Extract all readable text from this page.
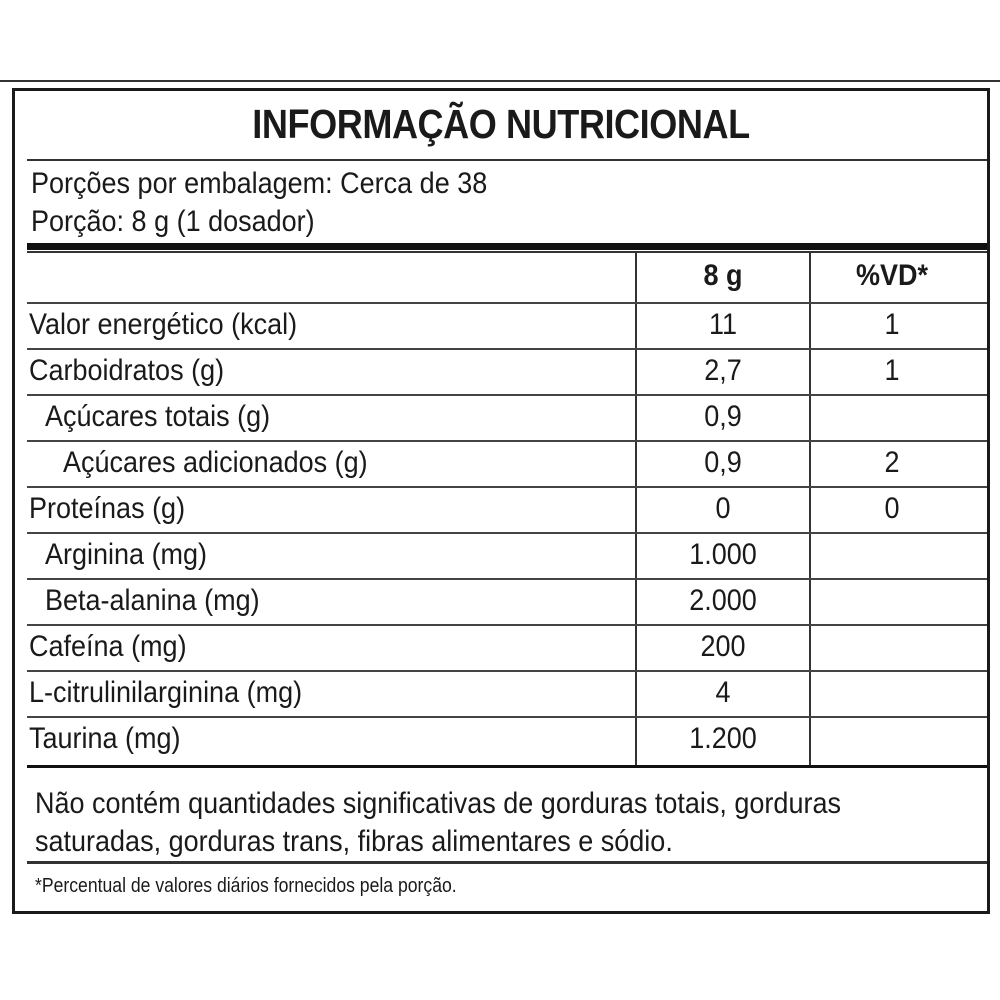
INFORMAÇÃO NUTRICIONAL
Porções por embalagem: Cerca de 38
Porção: 8 g (1 dosador)
8 g	%VD*
Valor energético (kcal)	11	1
Carboidratos (g)	2,7	1
Açúcares totais (g)	0,9
Açúcares adicionados (g)	0,9	2
Proteínas (g)	0	0
Arginina (mg)	1.000
Beta-alanina (mg)	2.000
Cafeína (mg)	200
L-citrulinilarginina (mg)	4
Taurina (mg)	1.200
Não contém quantidades significativas de gorduras totais, gorduras saturadas, gorduras trans, fibras alimentares e sódio.
*Percentual de valores diários fornecidos pela porção.
